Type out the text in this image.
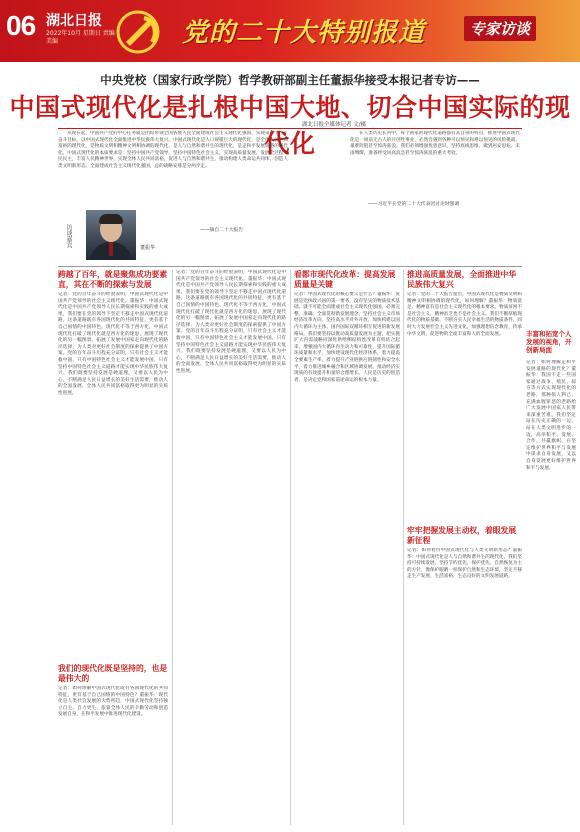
06 湖北日报
2022年10月 星期日 责编 美编	党的二十大特别报道	专家访谈
中央党校（国家行政学院）哲学教研部副主任董振华接受本报记者专访——
中国式现代化是扎根中国大地、切合中国实际的现代化
湖北日报全媒体记者 文/摄

从现在起，中国共产党的中心任务就是团结带领全国各族人民全面建成社会主义现代化强国、实现第二个百年奋斗目标，以中国式现代化全面推进中华民族伟大复兴。中国式现代化是人口规模巨大的现代化，是全体人民共同富裕的现代化，是物质文明和精神文明相协调的现代化，是人与自然和谐共生的现代化，是走和平发展道路的现代化。中国式现代化的本质要求是：坚持中国共产党领导，坚持中国特色社会主义，实现高质量发展，发展全过程人民民主，丰富人民精神世界，实现全体人民共同富裕，促进人与自然和谐共生，推动构建人类命运共同体，创造人类文明新形态。全面建成社会主义现代化强国，总的战略安排是分两步走。

——摘自二十大报告

在人类历史长河中，每个国家的现代化道路都有其自身的特点，推进中国式现代化是一项前无古人的开创性事业，必然会遇到各种可以预见和难以预见的风险挑战、艰难险阻甚至惊涛骇浪。我们必须增强忧患意识，坚持底线思维，做到居安思危、未雨绸缪，准备经受风高浪急甚至惊涛骇浪的重大考验。

——习近平在党的二十大代表团讨论时强调
访谈嘉宾	董振华
跨越了百年，就是聚焦成功要素直，其在不断的探索与发展
记者：党的百年奋斗的经验表明，中国式现代化是中国共产党领导的社会主义现代化。董振华：中国式现代化是中国共产党领导人民长期探索和实践的重大成果，我们要在党的领导下坚定不移走中国式现代化道路，这条道路既有各国现代化的共同特征，更有基于自己国情的中国特色。现代化不等于西方化，中国式现代化打破了现代化就是西方化的迷思，展现了现代化的另一幅图景，拓展了发展中国家走向现代化的路径选择，为人类对更好社会制度的探索提供了中国方案。党的百年奋斗历程充分证明，只有社会主义才能救中国，只有中国特色社会主义才能发展中国，只有坚持中国特色社会主义道路才能实现中华民族伟大复兴。我们既要坚持发展是硬道理，又要以人民为中心，不断满足人民日益增长的美好生活需要，推动人的全面发展、全体人民共同富裕取得更为明显的实质性进展。
我们的现代化既是坚持的，也是最伟大的
记者：如何理解中国式现代化既有各国现代化的共同特征，更有基于自己国情的中国特色？董振华：现代化是人类社会发展的大势所趋，中国式现代化坚持独立自主、自力更生，依靠全体人民的辛勤劳动和创造发展自身，在和平发展中推进现代化建设。
记者：党的百年奋斗的经验表明，中国式现代化是中国共产党领导的社会主义现代化。董振华：中国式现代化是中国共产党领导人民长期探索和实践的重大成果，我们要在党的领导下坚定不移走中国式现代化道路，这条道路既有各国现代化的共同特征，更有基于自己国情的中国特色。现代化不等于西方化，中国式现代化打破了现代化就是西方化的迷思，展现了现代化的另一幅图景，拓展了发展中国家走向现代化的路径选择，为人类对更好社会制度的探索提供了中国方案。党的百年奋斗历程充分证明，只有社会主义才能救中国，只有中国特色社会主义才能发展中国，只有坚持中国特色社会主义道路才能实现中华民族伟大复兴。我们既要坚持发展是硬道理，又要以人民为中心，不断满足人民日益增长的美好生活需要，推动人的全面发展、全体人民共同富裕取得更为明显的实质性进展。
看都市现代化改革：提高发展质量是关键
记者：中国式现代化的核心要义是什么？董振华：发展是党执政兴国的第一要务，没有坚实的物质技术基础，就不可能全面建成社会主义现代化强国。必须完整、准确、全面贯彻新发展理念，坚持社会主义市场经济改革方向，坚持高水平对外开放，加快构建以国内大循环为主体、国内国际双循环相互促进的新发展格局。我们要坚持以推动高质量发展为主题，把实施扩大内需战略同深化供给侧结构性改革有机结合起来，增强国内大循环内生动力和可靠性，提升国际循环质量和水平，加快建设现代化经济体系，着力提高全要素生产率，着力提升产业链供应链韧性和安全水平，着力推进城乡融合和区域协调发展，推动经济实现质的有效提升和量的合理增长。人民是历史的创造者，是决定党和国家前途命运的根本力量。
推进高质量发展，全面推进中华民族伟大复兴
记者：党的二十大报告提出，中国式现代化是物质文明和精神文明相协调的现代化，如何理解？董振华：物质富足、精神富有是社会主义现代化的根本要求。物质贫困不是社会主义，精神贫乏也不是社会主义。我们不断厚植现代化的物质基础，不断夯实人民幸福生活的物质条件，同时大力发展社会主义先进文化，加强理想信念教育，传承中华文明，促进物的全面丰富和人的全面发展。
牢牢把握发展主动权，着眼发展新征程
记者：如何看待中国式现代化与人类文明新形态？董振华：中国式现代化是人与自然和谐共生的现代化，我们坚持可持续发展，坚持节约优先、保护优先、自然恢复为主的方针，像保护眼睛一样保护自然和生态环境，坚定不移走生产发展、生活富裕、生态良好的文明发展道路。
丰富和拓宽个人发展的视角，开创新局面
记者：如何理解走和平发展道路的现代化？董振华：我国不走一些国家通过战争、殖民、掠夺等方式实现现代化的老路，那种损人利己、充满血腥罪恶的老路给广大发展中国家人民带来深重苦难。我们坚定站在历史正确的一边、站在人类文明进步的一边，高举和平、发展、合作、共赢旗帜，在坚定维护世界和平与发展中谋求自身发展，又以自身发展更好维护世界和平与发展。
